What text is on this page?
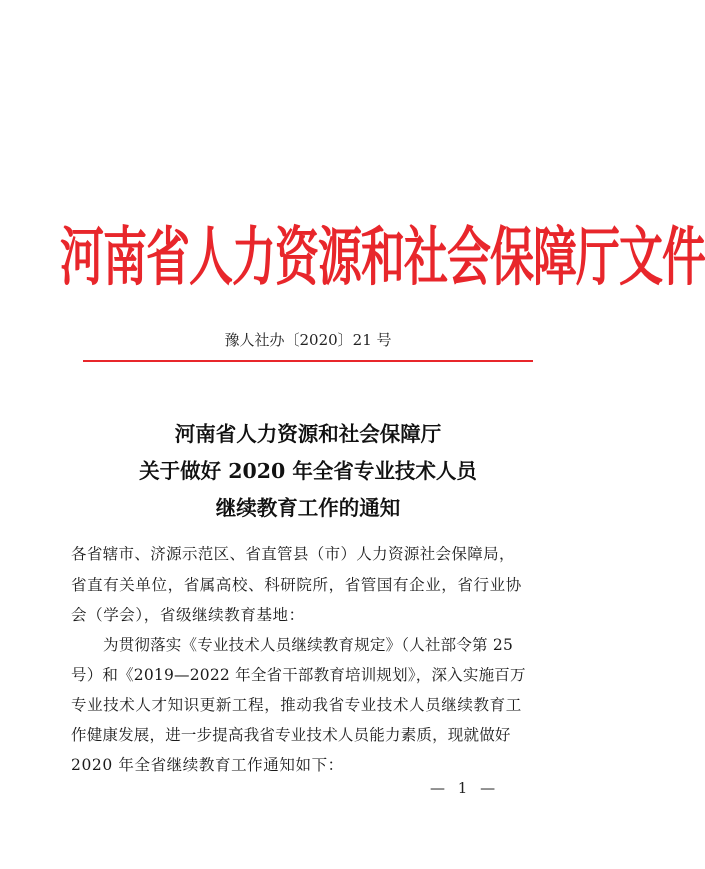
河南省人力资源和社会保障厅文件
豫人社办〔2020〕21 号
河南省人力资源和社会保障厅
关于做好 2020 年全省专业技术人员
继续教育工作的通知
各省辖市、济源示范区、省直管县（市）人力资源社会保障局，
省直有关单位，省属高校、科研院所，省管国有企业，省行业协
会（学会），省级继续教育基地：
为贯彻落实《专业技术人员继续教育规定》（人社部令第 25
号）和《2019—2022 年全省干部教育培训规划》，深入实施百万
专业技术人才知识更新工程，推动我省专业技术人员继续教育工
作健康发展，进一步提高我省专业技术人员能力素质，现就做好
2020 年全省继续教育工作通知如下：
— 1 —
